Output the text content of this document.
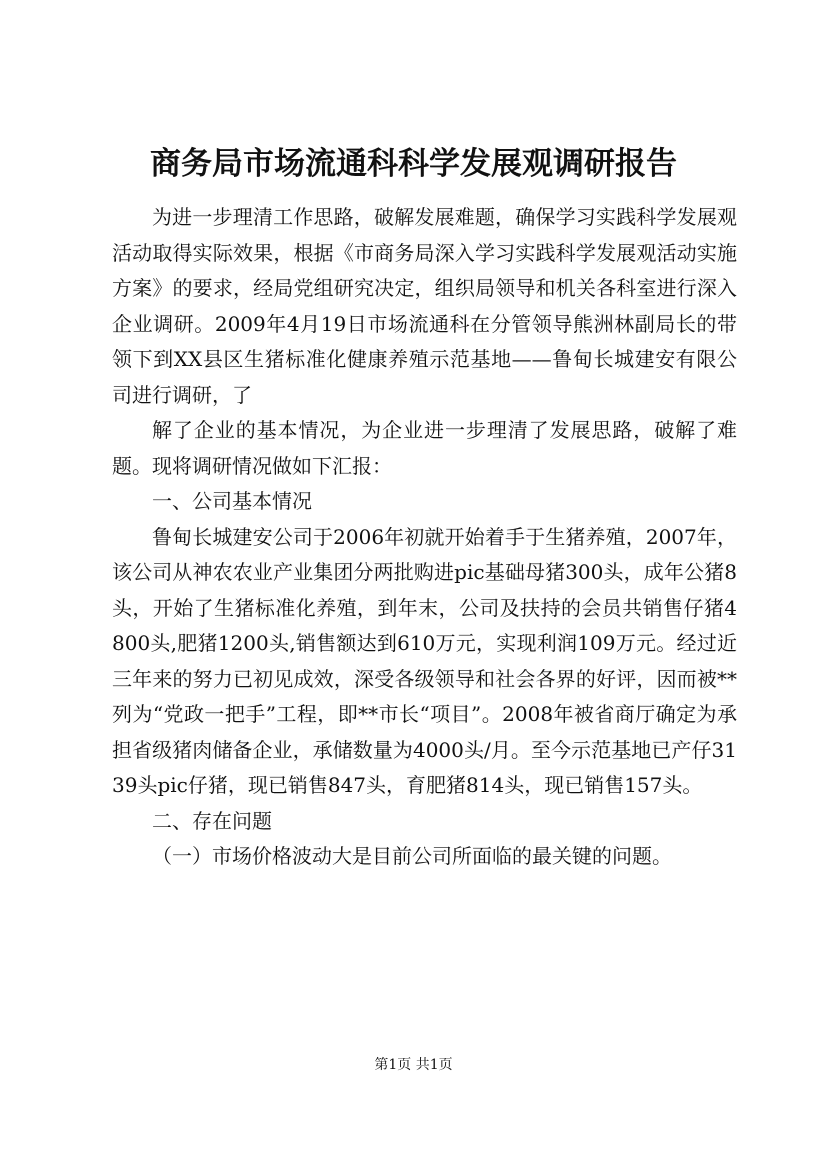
商务局市场流通科科学发展观调研报告

为进一步理清工作思路，破解发展难题，确保学习实践科学发展观活动取得实际效果，根据《市商务局深入学习实践科学发展观活动实施方案》的要求，经局党组研究决定，组织局领导和机关各科室进行深入企业调研。2009年4月19日市场流通科在分管领导熊洲林副局长的带领下到XX县区生猪标准化健康养殖示范基地——鲁甸长城建安有限公司进行调研，了

解了企业的基本情况，为企业进一步理清了发展思路，破解了难题。现将调研情况做如下汇报：

一、公司基本情况

鲁甸长城建安公司于2006年初就开始着手于生猪养殖，2007年，该公司从神农农业产业集团分两批购进pic基础母猪300头，成年公猪8头，开始了生猪标准化养殖，到年末，公司及扶持的会员共销售仔猪4800头,肥猪1200头,销售额达到610万元，实现利润109万元。经过近三年来的努力已初见成效，深受各级领导和社会各界的好评，因而被**列为“党政一把手”工程，即**市长“项目”。2008年被省商厅确定为承担省级猪肉储备企业，承储数量为4000头/月。至今示范基地已产仔3139头pic仔猪，现已销售847头，育肥猪814头，现已销售157头。

二、存在问题

（一）市场价格波动大是目前公司所面临的最关键的问题。

第1页 共1页
